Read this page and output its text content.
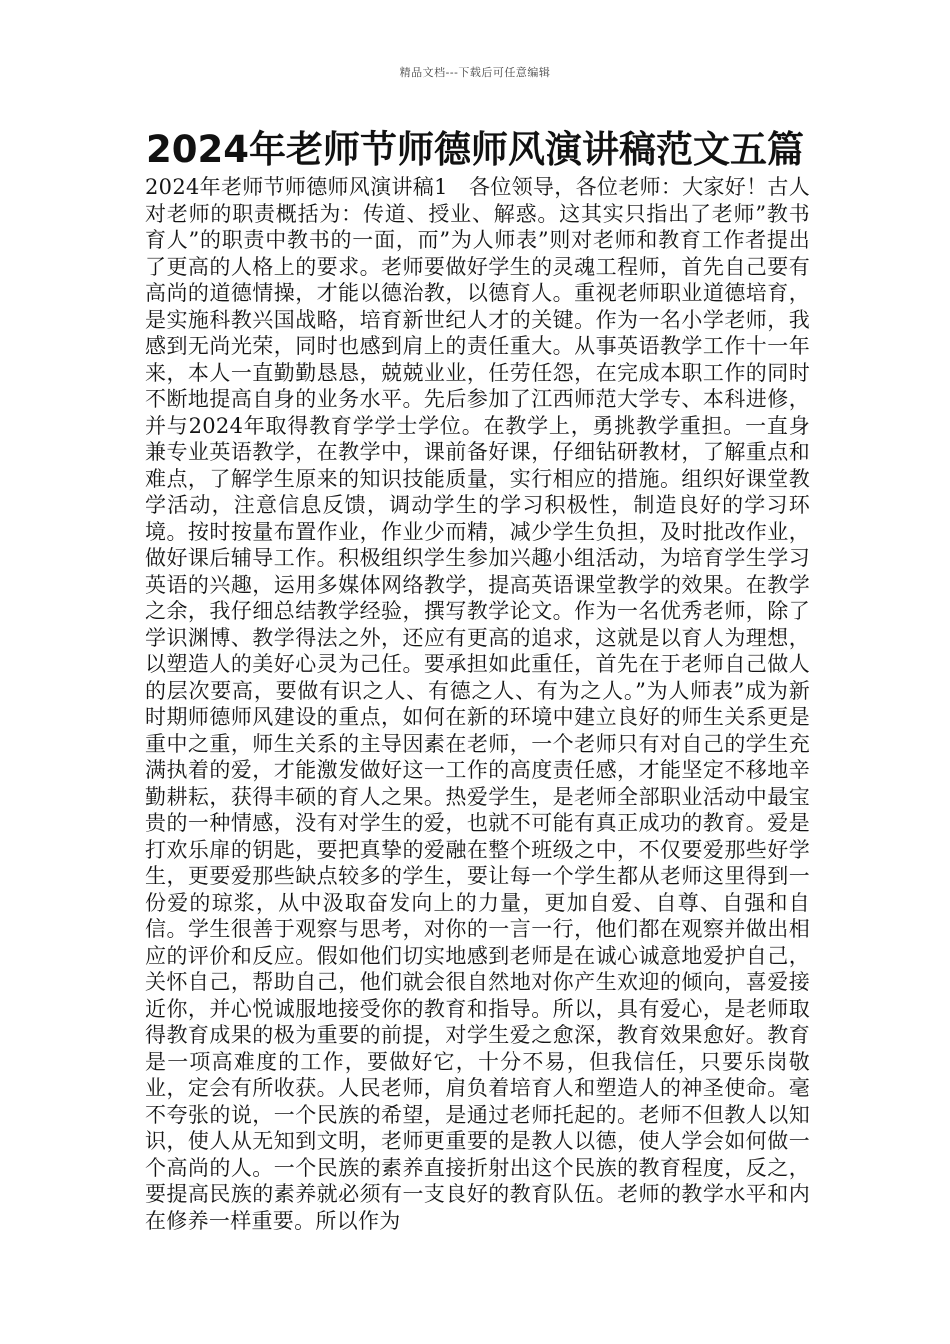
精品文档---下载后可任意编辑
2024年老师节师德师风演讲稿范文五篇

2024年老师节师德师风演讲稿1　各位领导，各位老师：大家好！古人对老师的职责概括为：传道、授业、解惑。这其实只指出了老师”教书育人”的职责中教书的一面，而”为人师表”则对老师和教育工作者提出了更高的人格上的要求。老师要做好学生的灵魂工程师，首先自己要有高尚的道德情操，才能以德治教，以德育人。重视老师职业道德培育，是实施科教兴国战略，培育新世纪人才的关键。作为一名小学老师，我感到无尚光荣，同时也感到肩上的责任重大。从事英语教学工作十一年来，本人一直勤勤恳恳，兢兢业业，任劳任怨，在完成本职工作的同时不断地提高自身的业务水平。先后参加了江西师范大学专、本科进修，并与2024年取得教育学学士学位。在教学上，勇挑教学重担。一直身兼专业英语教学，在教学中，课前备好课，仔细钻研教材，了解重点和难点，了解学生原来的知识技能质量，实行相应的措施。组织好课堂教学活动，注意信息反馈，调动学生的学习积极性，制造良好的学习环境。按时按量布置作业，作业少而精，减少学生负担，及时批改作业，做好课后辅导工作。积极组织学生参加兴趣小组活动，为培育学生学习英语的兴趣，运用多媒体网络教学，提高英语课堂教学的效果。在教学之余，我仔细总结教学经验，撰写教学论文。作为一名优秀老师，除了学识渊博、教学得法之外，还应有更高的追求，这就是以育人为理想，以塑造人的美好心灵为己任。要承担如此重任，首先在于老师自己做人的层次要高，要做有识之人、有德之人、有为之人。”为人师表”成为新时期师德师风建设的重点，如何在新的环境中建立良好的师生关系更是重中之重，师生关系的主导因素在老师，一个老师只有对自己的学生充满执着的爱，才能激发做好这一工作的高度责任感，才能坚定不移地辛勤耕耘，获得丰硕的育人之果。热爱学生，是老师全部职业活动中最宝贵的一种情感，没有对学生的爱，也就不可能有真正成功的教育。爱是打欢乐扉的钥匙，要把真挚的爱融在整个班级之中，不仅要爱那些好学生，更要爱那些缺点较多的学生，要让每一个学生都从老师这里得到一份爱的琼浆，从中汲取奋发向上的力量，更加自爱、自尊、自强和自信。学生很善于观察与思考，对你的一言一行，他们都在观察并做出相应的评价和反应。假如他们切实地感到老师是在诚心诚意地爱护自己，关怀自己，帮助自己，他们就会很自然地对你产生欢迎的倾向，喜爱接近你，并心悦诚服地接受你的教育和指导。所以，具有爱心，是老师取得教育成果的极为重要的前提，对学生爱之愈深，教育效果愈好。教育是一项高难度的工作，要做好它，十分不易，但我信任，只要乐岗敬业，定会有所收获。人民老师，肩负着培育人和塑造人的神圣使命。毫不夸张的说，一个民族的希望，是通过老师托起的。老师不但教人以知识，使人从无知到文明，老师更重要的是教人以德，使人学会如何做一个高尚的人。一个民族的素养直接折射出这个民族的教育程度，反之，要提高民族的素养就必须有一支良好的教育队伍。老师的教学水平和内在修养一样重要。所以作为
